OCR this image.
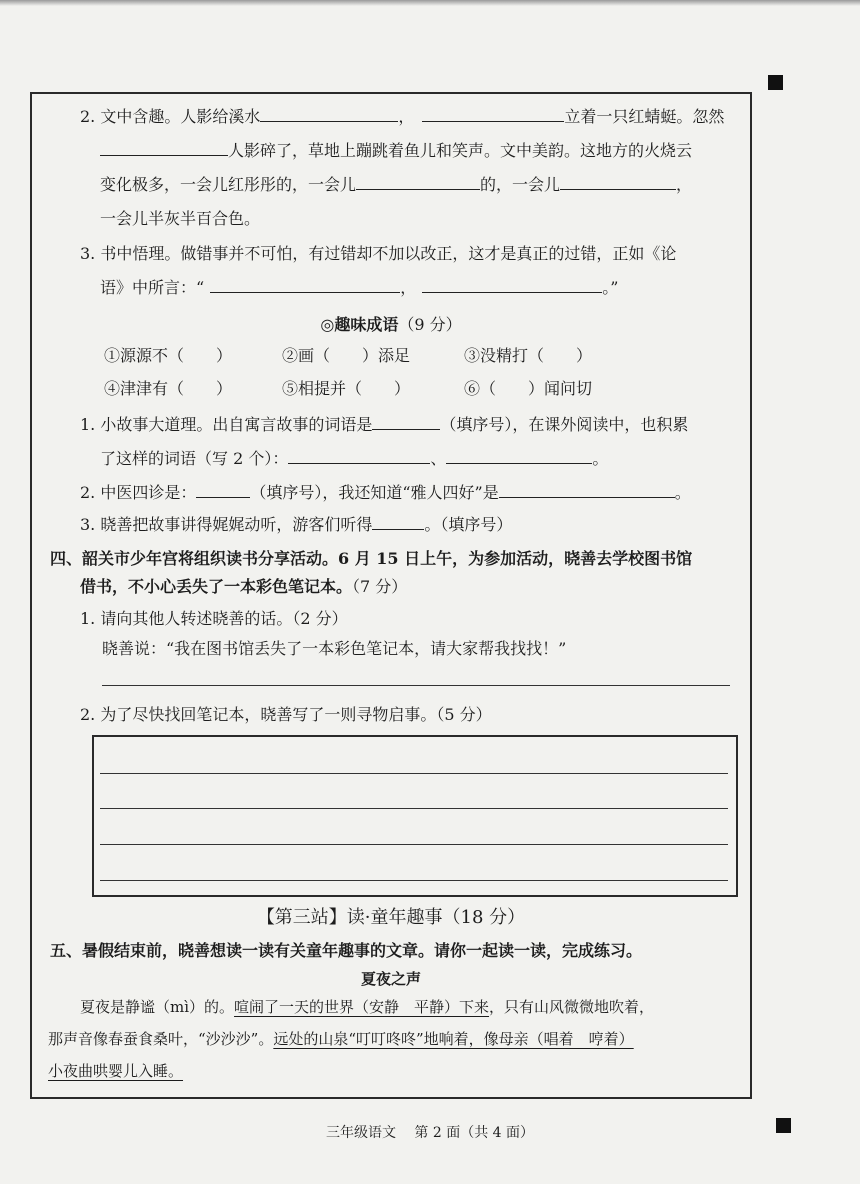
2. 文中含趣。人影给溪水	，	立着一只红蜻蜓。忽然
人影碎了，草地上蹦跳着鱼儿和笑声。文中美韵。这地方的火烧云
变化极多，一会儿红彤彤的，一会儿	的，一会儿	，
一会儿半灰半百合色。
3. 书中悟理。做错事并不可怕，有过错却不加以改正，这才是真正的过错，正如《论
语》中所言：“	，	。”
◎趣味成语（9 分）
①源源不（　　）	②画（　　）添足	③没精打（　　）
④津津有（　　）	⑤相提并（　　）	⑥（　　）闻问切
1. 小故事大道理。出自寓言故事的词语是	（填序号），在课外阅读中，也积累
了这样的词语（写 2 个）：	、	。
2. 中医四诊是：	（填序号），我还知道“雅人四好”是	。
3. 晓善把故事讲得娓娓动听，游客们听得	。（填序号）
四、韶关市少年宫将组织读书分享活动。6 月 15 日上午，为参加活动，晓善去学校图书馆
借书，不小心丢失了一本彩色笔记本。（7 分）
1. 请向其他人转述晓善的话。（2 分）
晓善说：“我在图书馆丢失了一本彩色笔记本，请大家帮我找找！”
2. 为了尽快找回笔记本，晓善写了一则寻物启事。（5 分）
【第三站】读·童年趣事（18 分）
五、暑假结束前，晓善想读一读有关童年趣事的文章。请你一起读一读，完成练习。
夏夜之声
夏夜是静谧（mì）的。喧闹了一天的世界（安静　平静）下来，只有山风微微地吹着，
那声音像春蚕食桑叶，“沙沙沙”。远处的山泉“叮叮咚咚”地响着，像母亲（唱着　哼着）
小夜曲哄婴儿入睡。
三年级语文　 第 2 面（共 4 面）
